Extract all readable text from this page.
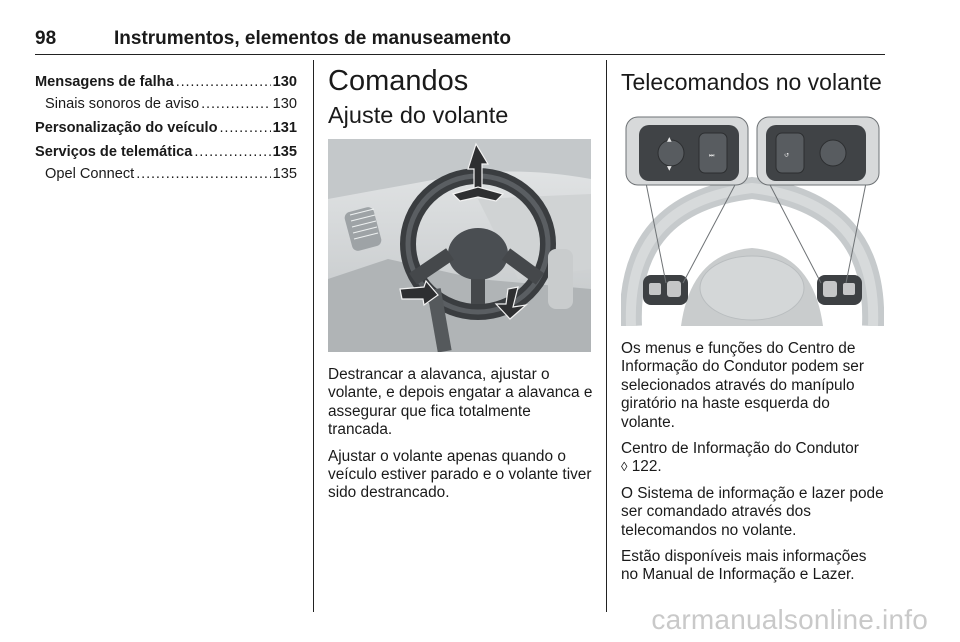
98	Instrumentos, elementos de manuseamento
Mensagens de falha . . .	130
Sinais sonoros de aviso . . .	130
Personalização do veículo . . .	131
Serviços de telemática . . .	135
Opel Connect . . .	135
Comandos
Ajuste do volante

Destrancar a alavanca, ajustar o volante, e depois engatar a alavanca e assegurar que fica totalmente trancada.

Ajustar o volante apenas quando o veículo estiver parado e o volante tiver sido destrancado.

Telecomandos no volante
▲
▼
⏭	↺

Os menus e funções do Centro de Informação do Condutor podem ser selecionados através do manípulo giratório na haste esquerda do volante.

Centro de Informação do Condutor
◊ 122.

O Sistema de informação e lazer pode ser comandado através dos telecomandos no volante.

Estão disponíveis mais informações no Manual de Informação e Lazer.

carmanualsonline.info
